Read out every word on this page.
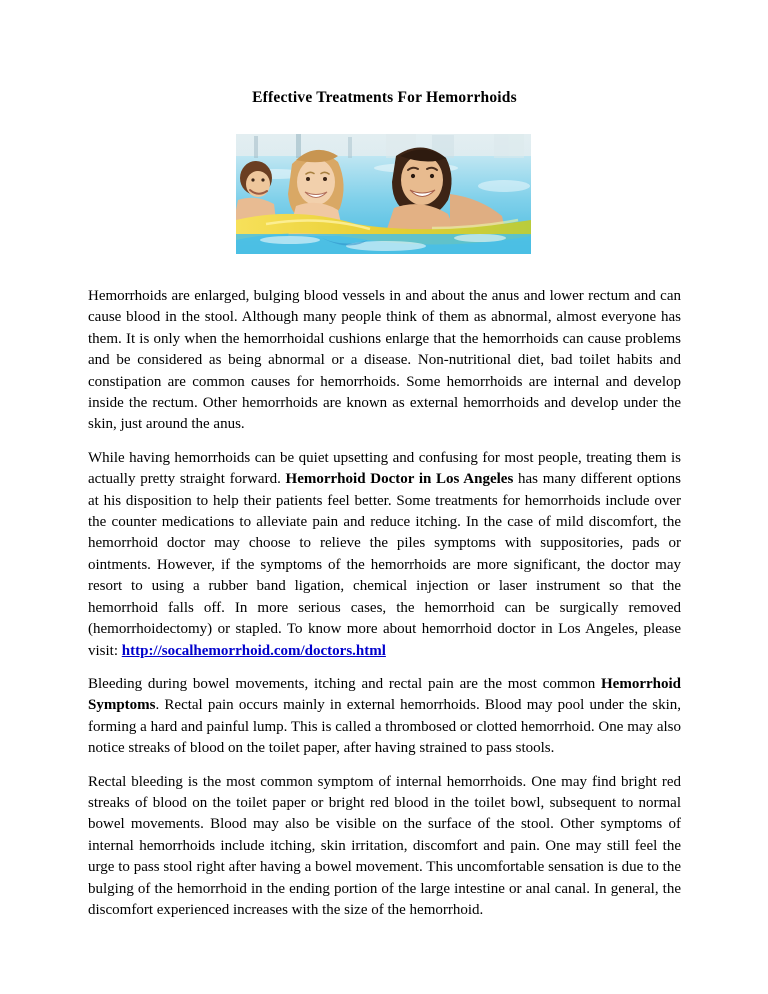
Effective Treatments For Hemorrhoids

Hemorrhoids are enlarged, bulging blood vessels in and about the anus and lower rectum and can cause blood in the stool. Although many people think of them as abnormal, almost everyone has them. It is only when the hemorrhoidal cushions enlarge that the hemorrhoids can cause problems and be considered as being abnormal or a disease. Non-nutritional diet, bad toilet habits and constipation are common causes for hemorrhoids. Some hemorrhoids are internal and develop inside the rectum. Other hemorrhoids are known as external hemorrhoids and develop under the skin, just around the anus.

While having hemorrhoids can be quiet upsetting and confusing for most people, treating them is actually pretty straight forward. Hemorrhoid Doctor in Los Angeles has many different options at his disposition to help their patients feel better. Some treatments for hemorrhoids include over the counter medications to alleviate pain and reduce itching. In the case of mild discomfort, the hemorrhoid doctor may choose to relieve the piles symptoms with suppositories, pads or ointments. However, if the symptoms of the hemorrhoids are more significant, the doctor may resort to using a rubber band ligation, chemical injection or laser instrument so that the hemorrhoid falls off. In more serious cases, the hemorrhoid can be surgically removed (hemorrhoidectomy) or stapled. To know more about hemorrhoid doctor in Los Angeles, please visit: http://socalhemorrhoid.com/doctors.html

Bleeding during bowel movements, itching and rectal pain are the most common Hemorrhoid Symptoms. Rectal pain occurs mainly in external hemorrhoids. Blood may pool under the skin, forming a hard and painful lump. This is called a thrombosed or clotted hemorrhoid. One may also notice streaks of blood on the toilet paper, after having strained to pass stools.

Rectal bleeding is the most common symptom of internal hemorrhoids. One may find bright red streaks of blood on the toilet paper or bright red blood in the toilet bowl, subsequent to normal bowel movements. Blood may also be visible on the surface of the stool. Other symptoms of internal hemorrhoids include itching, skin irritation, discomfort and pain. One may still feel the urge to pass stool right after having a bowel movement. This uncomfortable sensation is due to the bulging of the hemorrhoid in the ending portion of the large intestine or anal canal. In general, the discomfort experienced increases with the size of the hemorrhoid.
